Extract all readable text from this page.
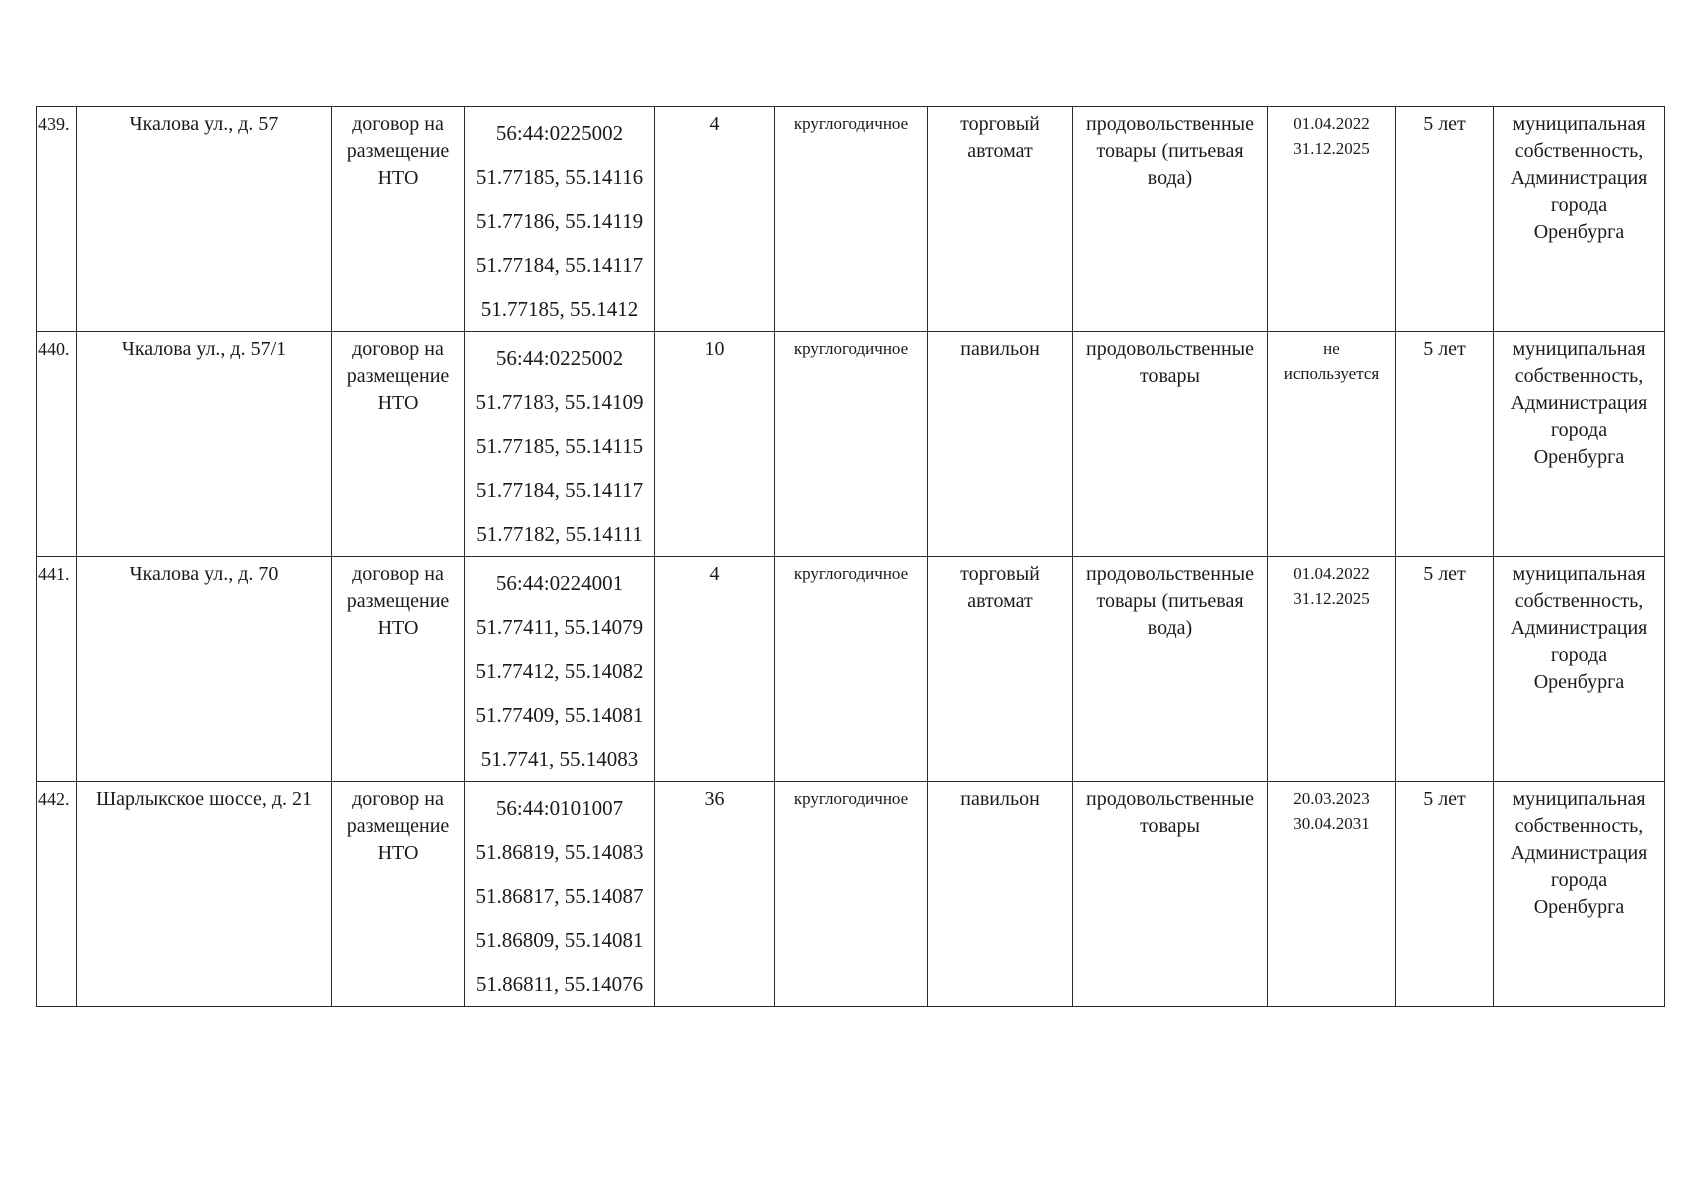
439.	Чкалова ул., д. 57	договор на
размещение
НТО	56:44:0225002
51.77185, 55.14116
51.77186, 55.14119
51.77184, 55.14117
51.77185, 55.1412	4	круглогодичное	торговый
автомат	продовольственные
товары (питьевая
вода)	01.04.2022
31.12.2025	5 лет	муниципальная
собственность,
Администрация
города
Оренбурга

440.	Чкалова ул., д. 57/1	договор на
размещение
НТО	56:44:0225002
51.77183, 55.14109
51.77185, 55.14115
51.77184, 55.14117
51.77182, 55.14111	10	круглогодичное	павильон	продовольственные
товары	не
используется	5 лет	муниципальная
собственность,
Администрация
города
Оренбурга

441.	Чкалова ул., д. 70	договор на
размещение
НТО	56:44:0224001
51.77411, 55.14079
51.77412, 55.14082
51.77409, 55.14081
51.7741, 55.14083	4	круглогодичное	торговый
автомат	продовольственные
товары (питьевая
вода)	01.04.2022
31.12.2025	5 лет	муниципальная
собственность,
Администрация
города
Оренбурга

442.	Шарлыкское шоссе, д. 21	договор на
размещение
НТО	56:44:0101007
51.86819, 55.14083
51.86817, 55.14087
51.86809, 55.14081
51.86811, 55.14076	36	круглогодичное	павильон	продовольственные
товары	20.03.2023
30.04.2031	5 лет	муниципальная
собственность,
Администрация
города
Оренбурга
